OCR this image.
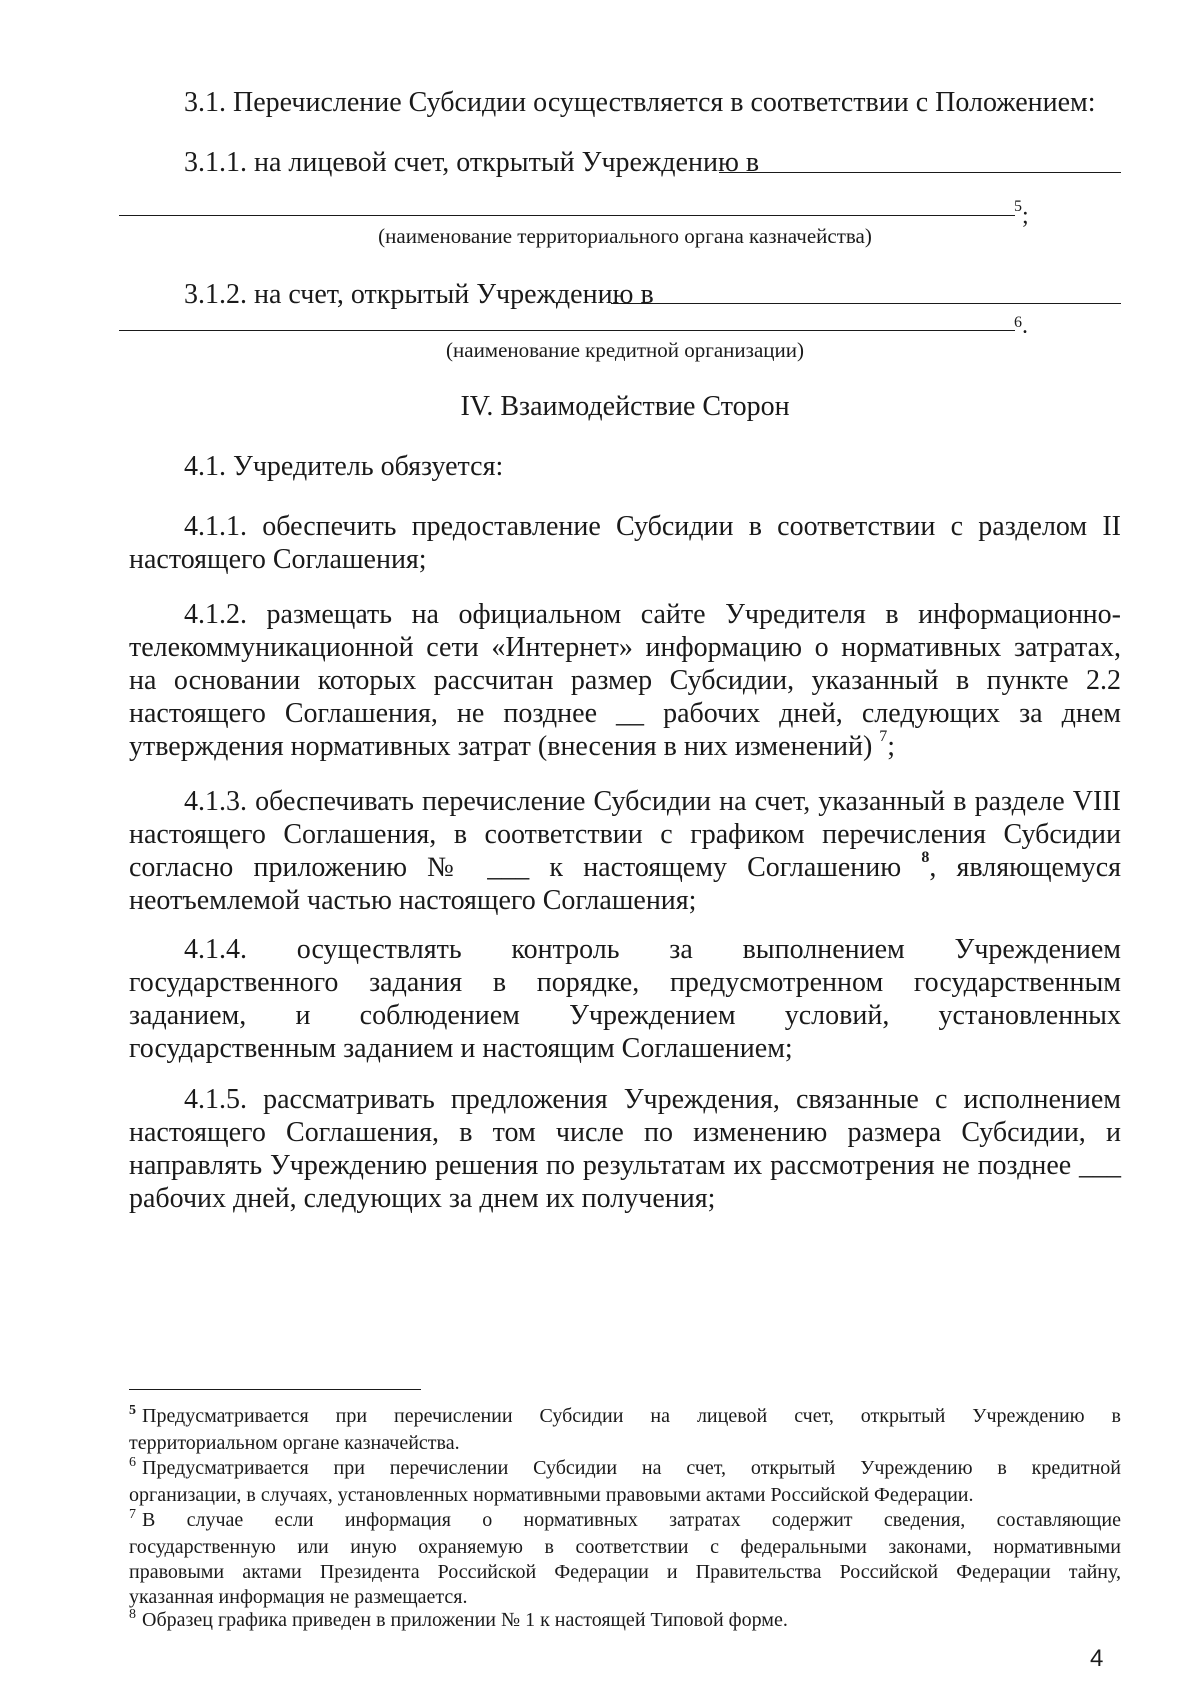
3.1. Перечисление Субсидии осуществляется в соответствии с Положением:
3.1.1. на лицевой счет, открытый Учреждению в
5 ;
(наименование территориального органа казначейства)
3.1.2. на счет, открытый Учреждению в
6 .
(наименование кредитной организации)
IV. Взаимодействие Сторон
4.1. Учредитель обязуется:
4.1.1. обеспечить предоставление Субсидии в соответствии с разделом II
настоящего Соглашения;
4.1.2. размещать на официальном сайте Учредителя в информационно-
телекоммуникационной сети «Интернет» информацию о нормативных затратах,
на основании которых рассчитан размер Субсидии, указанный в пункте 2.2
настоящего Соглашения, не позднее __ рабочих дней, следующих за днем
утверждения нормативных затрат (внесения в них изменений) $^7$;
4.1.3. обеспечивать перечисление Субсидии на счет, указанный в разделе VIII
настоящего Соглашения, в соответствии с графиком перечисления Субсидии
согласно приложению № ___ к настоящему Соглашению $^8$, являющемуся
неотъемлемой частью настоящего Соглашения;
4.1.4. осуществлять контроль за выполнением Учреждением
государственного задания в порядке, предусмотренном государственным
заданием, и соблюдением Учреждением условий, установленных
государственным заданием и настоящим Соглашением;
4.1.5. рассматривать предложения Учреждения, связанные с исполнением
настоящего Соглашения, в том числе по изменению размера Субсидии, и
направлять Учреждению решения по результатам их рассмотрения не позднее ___
рабочих дней, следующих за днем их получения;
$^5$ Предусматривается при перечислении Субсидии на лицевой счет, открытый Учреждению в
территориальном органе казначейства.
$^6$ Предусматривается при перечислении Субсидии на счет, открытый Учреждению в кредитной
организации, в случаях, установленных нормативными правовыми актами Российской Федерации.
$^7$ В случае если информация о нормативных затратах содержит сведения, составляющие
государственную или иную охраняемую в соответствии с федеральными законами, нормативными
правовыми актами Президента Российской Федерации и Правительства Российской Федерации тайну,
указанная информация не размещается.
$^8$ Образец графика приведен в приложении № 1 к настоящей Типовой форме.
4
